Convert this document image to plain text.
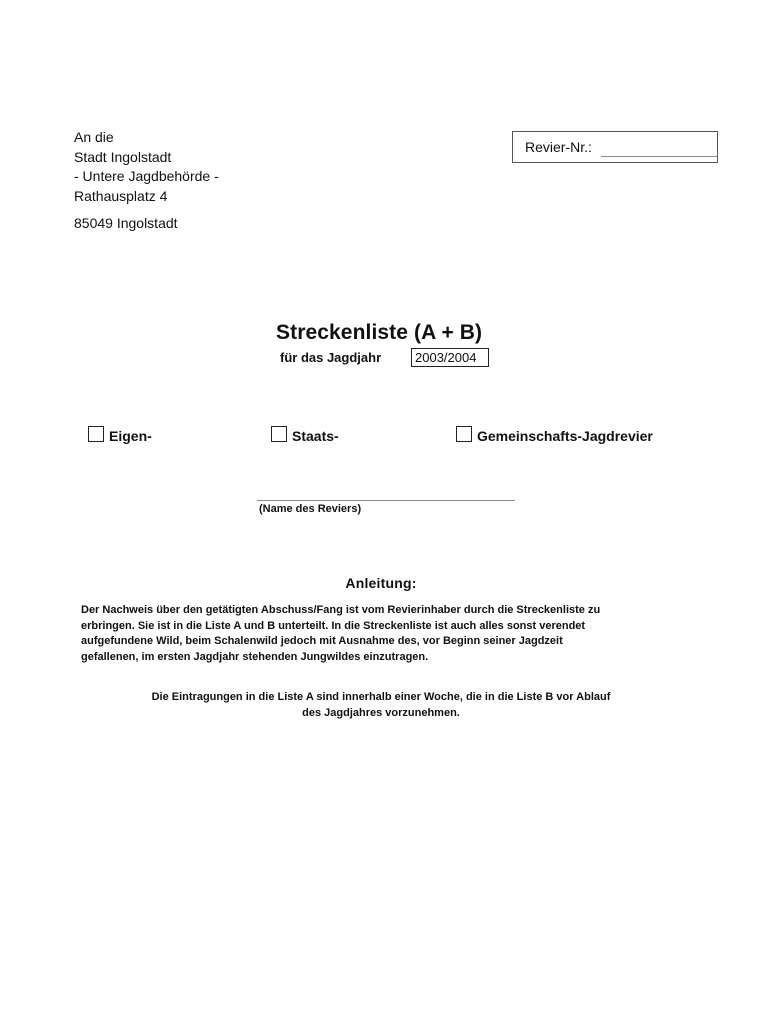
An die
Stadt Ingolstadt
- Untere Jagdbehörde -
Rathausplatz 4
85049 Ingolstadt
Revier-Nr.:
Streckenliste (A + B)
für das Jagdjahr
2003/2004
Eigen-	Staats-	Gemeinschafts-Jagdrevier
(Name des Reviers)
Anleitung:
Der Nachweis über den getätigten Abschuss/Fang ist vom Revierinhaber durch die Streckenliste zu
erbringen. Sie ist in die Liste A und B unterteilt. In die Streckenliste ist auch alles sonst verendet
aufgefundene Wild, beim Schalenwild jedoch mit Ausnahme des, vor Beginn seiner Jagdzeit
gefallenen, im ersten Jagdjahr stehenden Jungwildes einzutragen.
Die Eintragungen in die Liste A sind innerhalb einer Woche, die in die Liste B vor Ablauf
des Jagdjahres vorzunehmen.
